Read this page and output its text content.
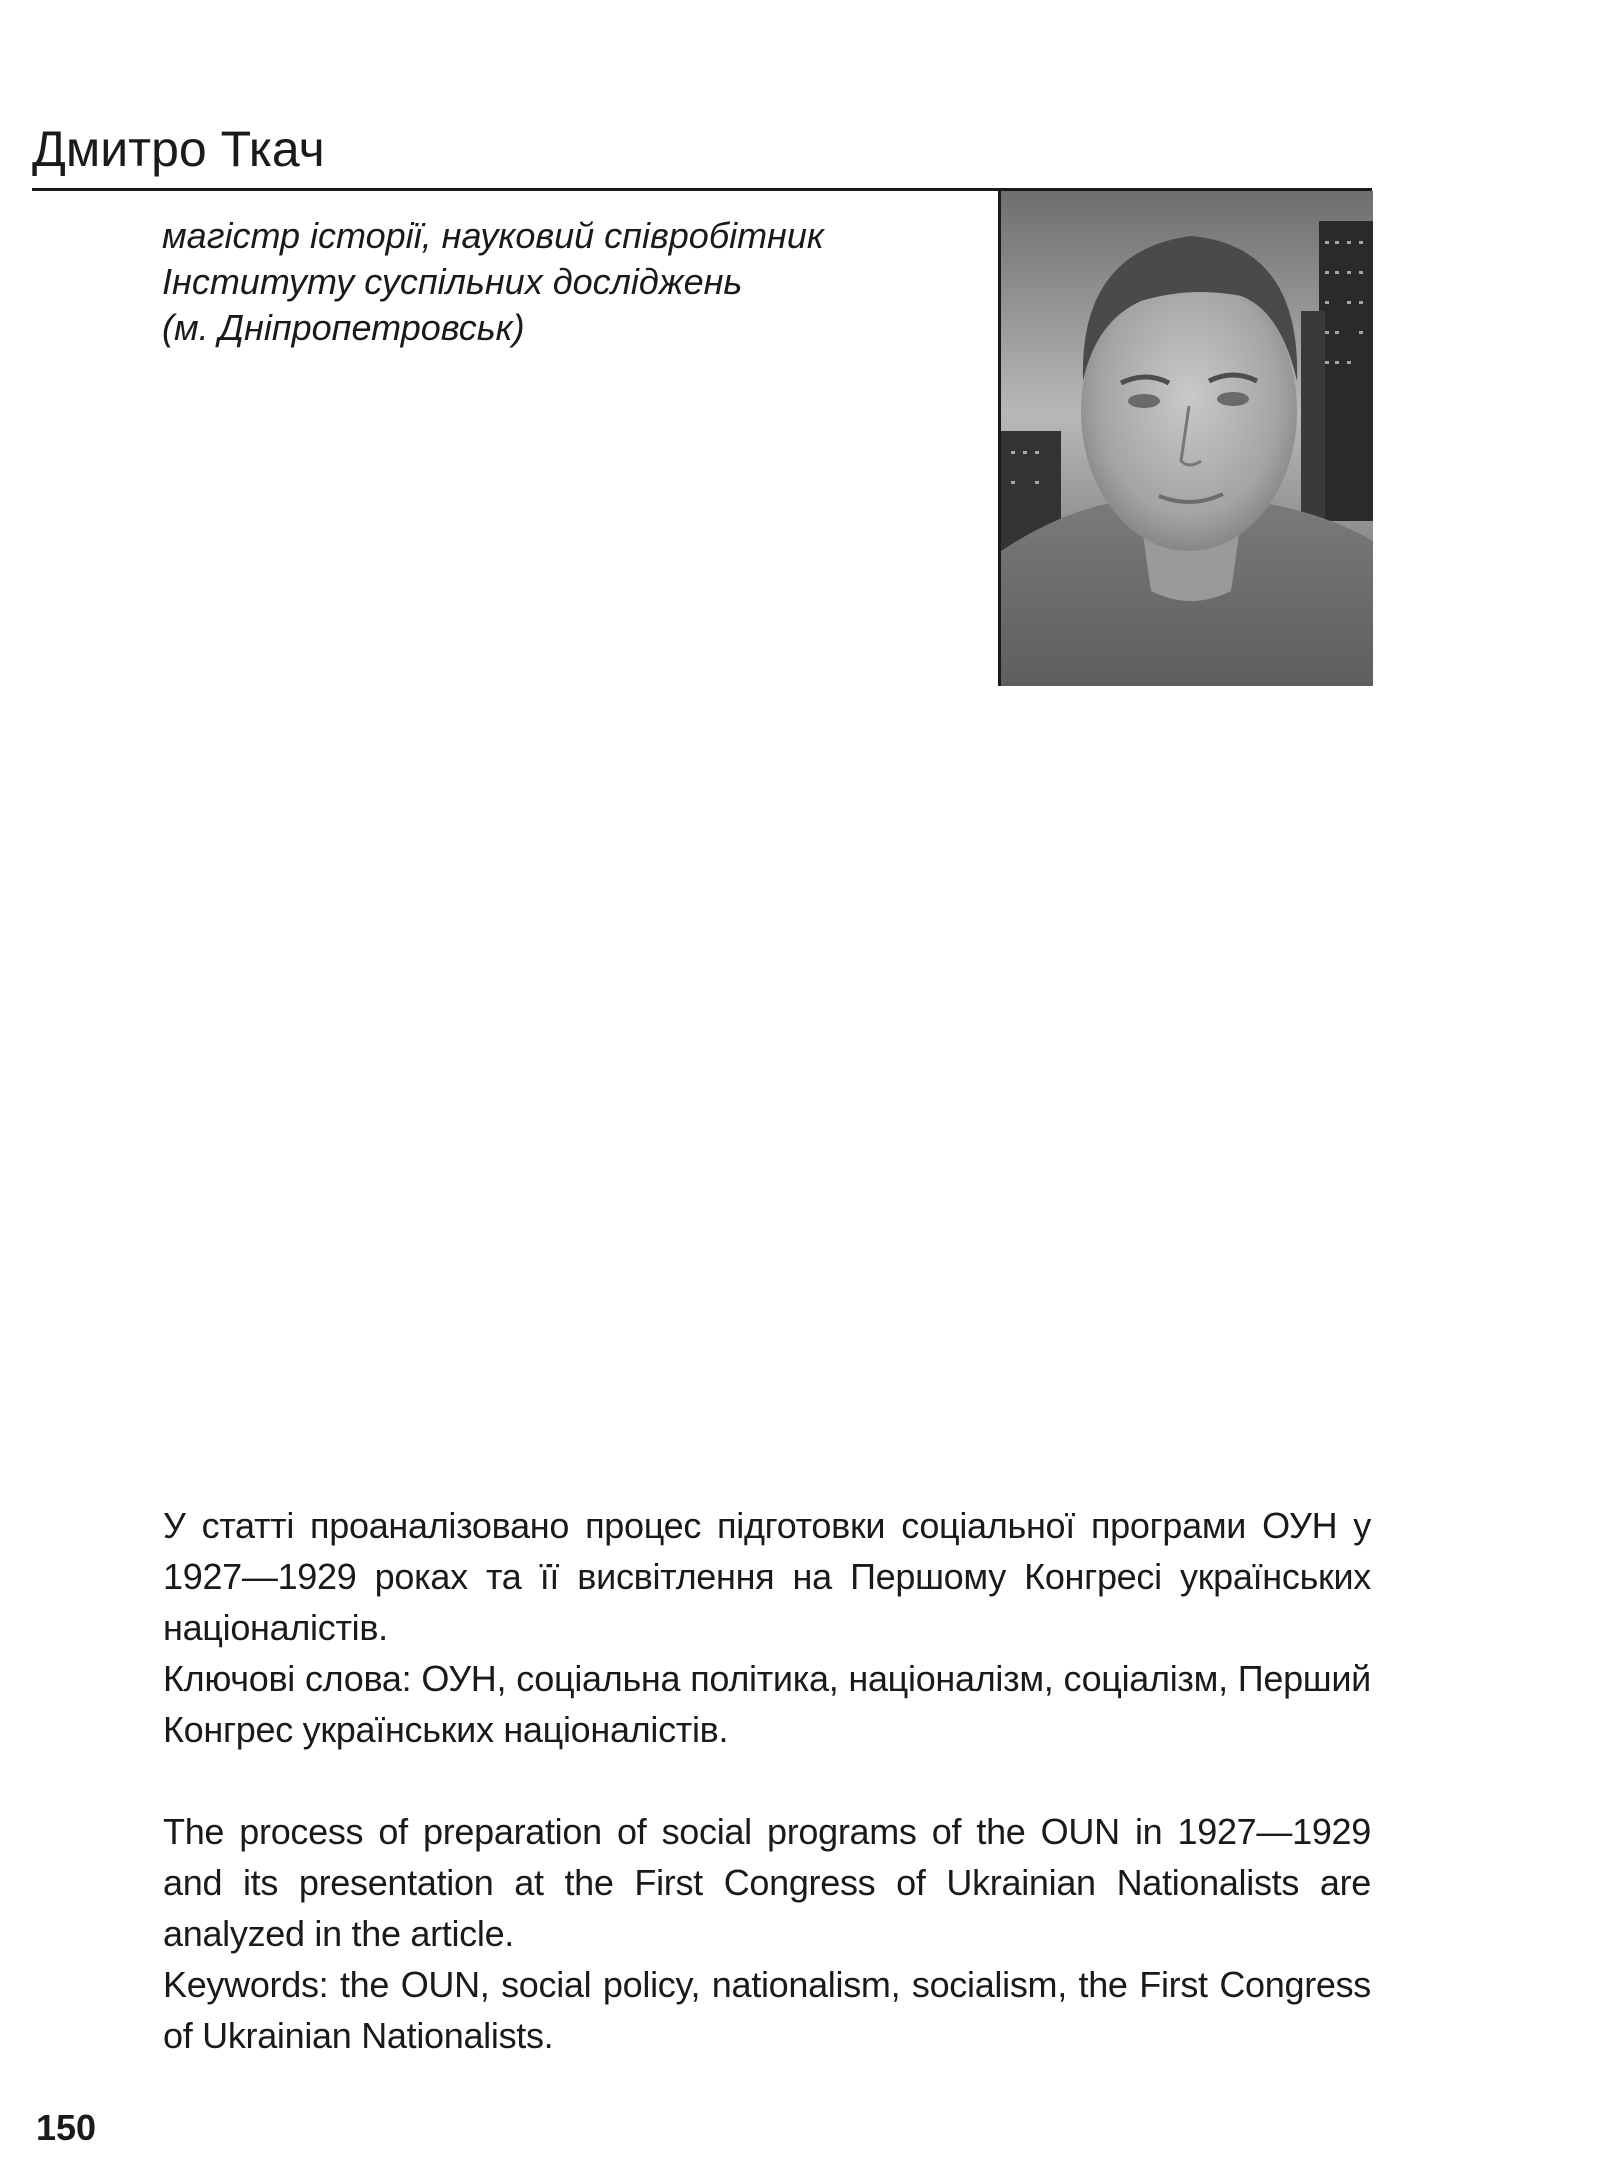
Дмитро Ткач
магістр історії, науковий співробітник
Інституту суспільних досліджень
(м. Дніпропетровськ)

У статті проаналізовано процес підготовки соціальної програми ОУН у 1927—1929 роках та її висвітлення на Першому Конгресі українських націоналістів.

Ключові слова: ОУН, соціальна політика, націоналізм, соціалізм, Перший Конгрес українських націоналістів.

The process of preparation of social programs of the OUN in 1927—1929 and its presentation at the First Congress of Ukrainian Nationalists are analyzed in the article.

Keywords: the OUN, social policy, nationalism, socialism, the First Congress of Ukrainian Nationalists.

150
